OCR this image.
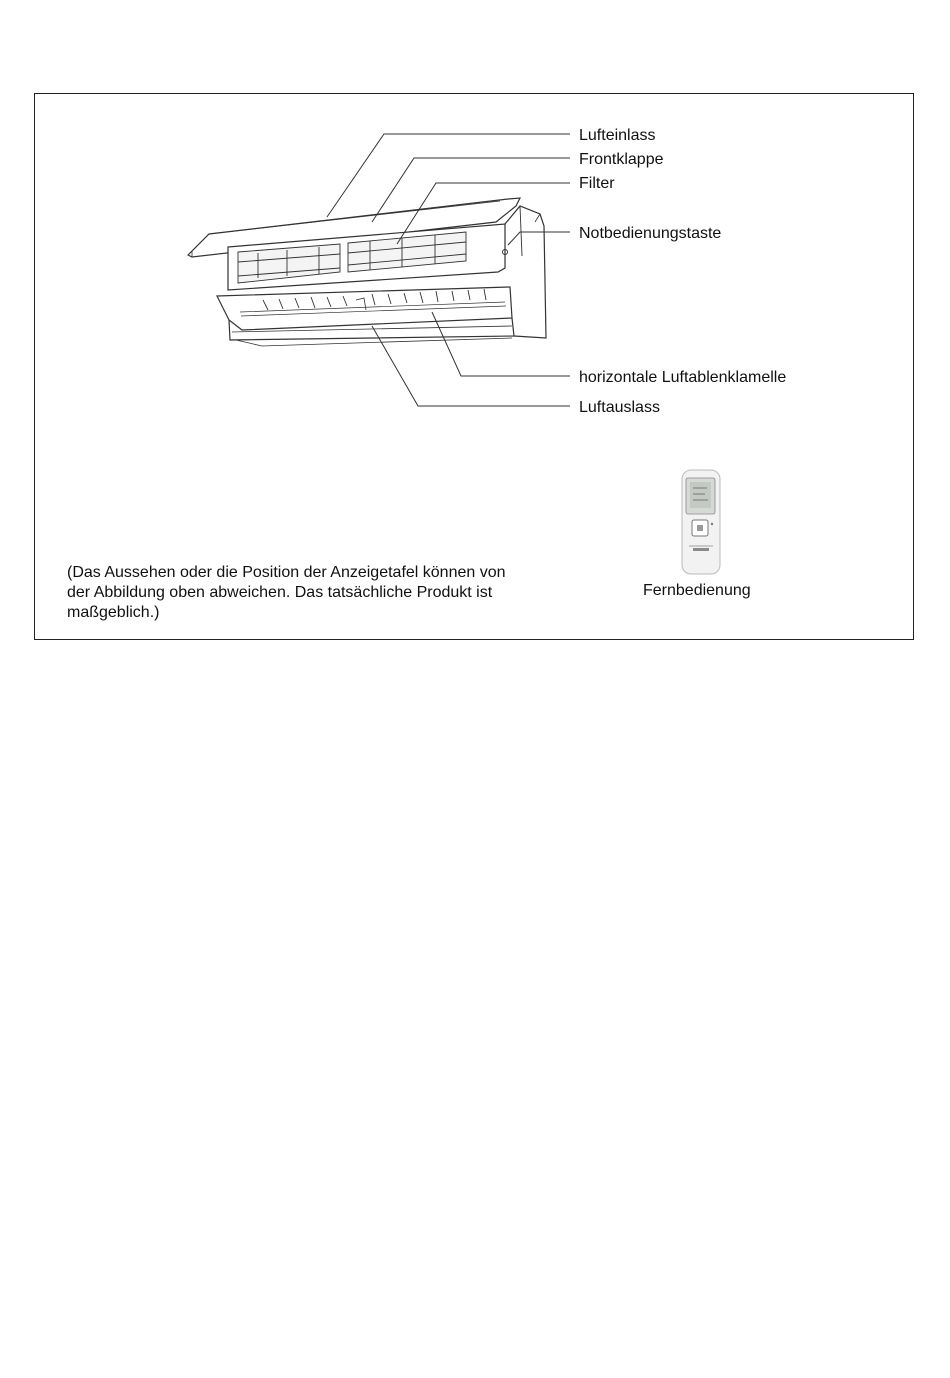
Lufteinlass
Frontklappe
Filter
Notbedienungstaste
horizontale Luftablenklamelle
Luftauslass
(Das Aussehen oder die Position der Anzeigetafel können von
der Abbildung oben abweichen. Das tatsächliche Produkt ist
maßgeblich.)
Fernbedienung
